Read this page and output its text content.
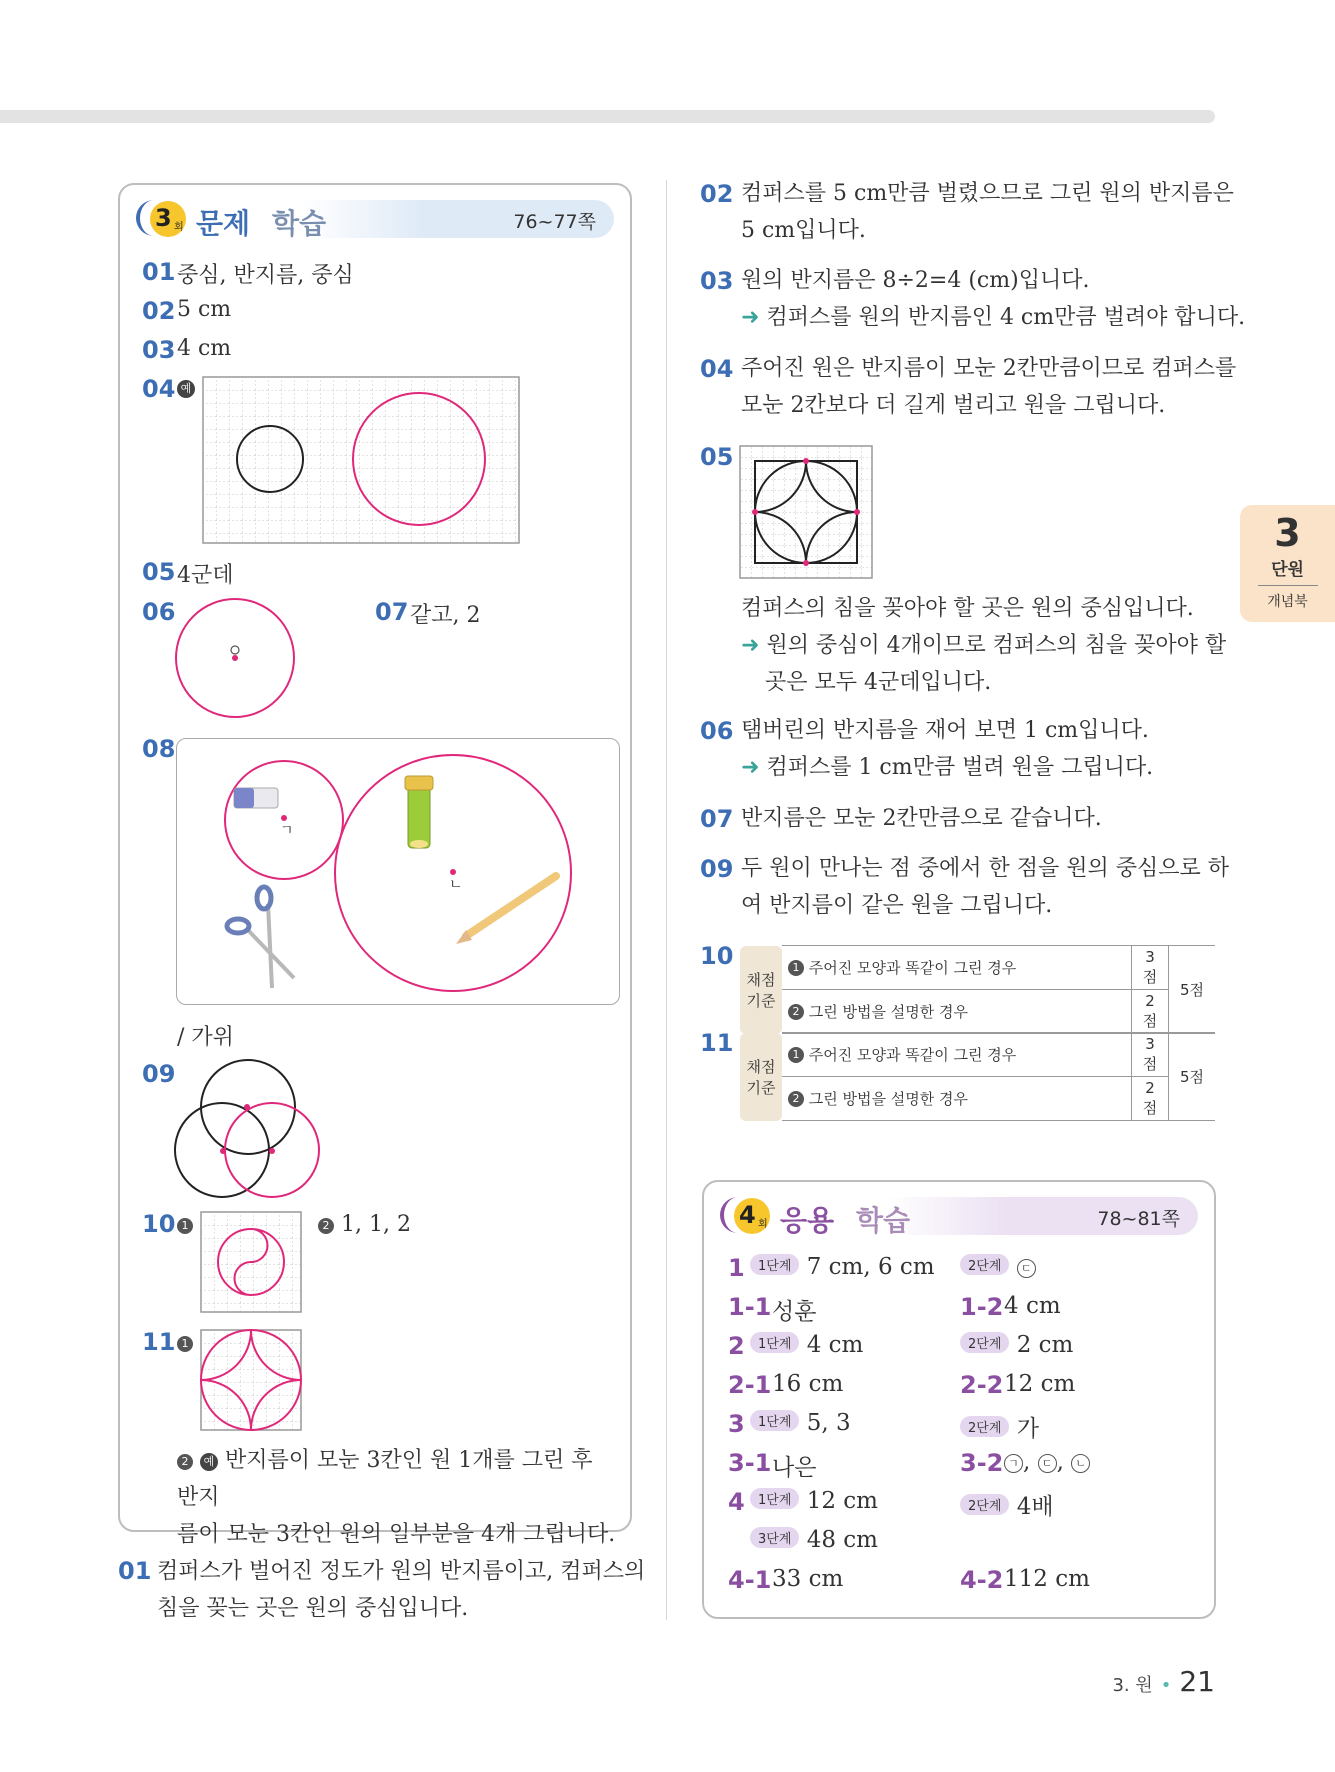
3
단원
개념북
3 회 문제 학습	76~77쪽
01 중심, 반지름, 중심
02 5 cm
03 4 cm
04 예
05 4군데
06	07 같고, 2
08
ㄱ
ㄴ
/ 가위
09
10 1	2 1, 1, 2
11 1
2 예 반지름이 모눈 3칸인 원 1개를 그린 후 반지
름이 모눈 3칸인 원의 일부분을 4개 그립니다.
01 컴퍼스가 벌어진 정도가 원의 반지름이고, 컴퍼스의
침을 꽂는 곳은 원의 중심입니다.
02 컴퍼스를 5 cm만큼 벌렸으므로 그린 원의 반지름은
5 cm입니다.
03 원의 반지름은 8÷2=4 (cm)입니다.
➜ 컴퍼스를 원의 반지름인 4 cm만큼 벌려야 합니다.
04 주어진 원은 반지름이 모눈 2칸만큼이므로 컴퍼스를
모눈 2칸보다 더 길게 벌리고 원을 그립니다.
05
컴퍼스의 침을 꽂아야 할 곳은 원의 중심입니다.
➜ 원의 중심이 4개이므로 컴퍼스의 침을 꽂아야 할
곳은 모두 4군데입니다.
06 탬버린의 반지름을 재어 보면 1 cm입니다.
➜ 컴퍼스를 1 cm만큼 벌려 원을 그립니다.
07 반지름은 모눈 2칸만큼으로 같습니다.
09 두 원이 만나는 점 중에서 한 점을 원의 중심으로 하
여 반지름이 같은 원을 그립니다.
10
채점
기준	1 주어진 모양과 똑같이 그린 경우	3점	5점
	2 그린 방법을 설명한 경우	2점	
11
채점
기준	1 주어진 모양과 똑같이 그린 경우	3점	5점
	2 그린 방법을 설명한 경우	2점	
4 회 응용 학습	78~81쪽
1	1단계 7 cm, 6 cm	2단계 ㄷ
1-1 성훈	1-2 4 cm
2	1단계 4 cm	2단계 2 cm
2-1 16 cm	2-2 12 cm
3	1단계 5, 3	2단계 가
3-1 나은	3-2 ㄱ , ㄷ , ㄴ
4	1단계 12 cm	2단계 4배
3단계 48 cm
4-1 33 cm	4-2 112 cm
3. 원 • 21
